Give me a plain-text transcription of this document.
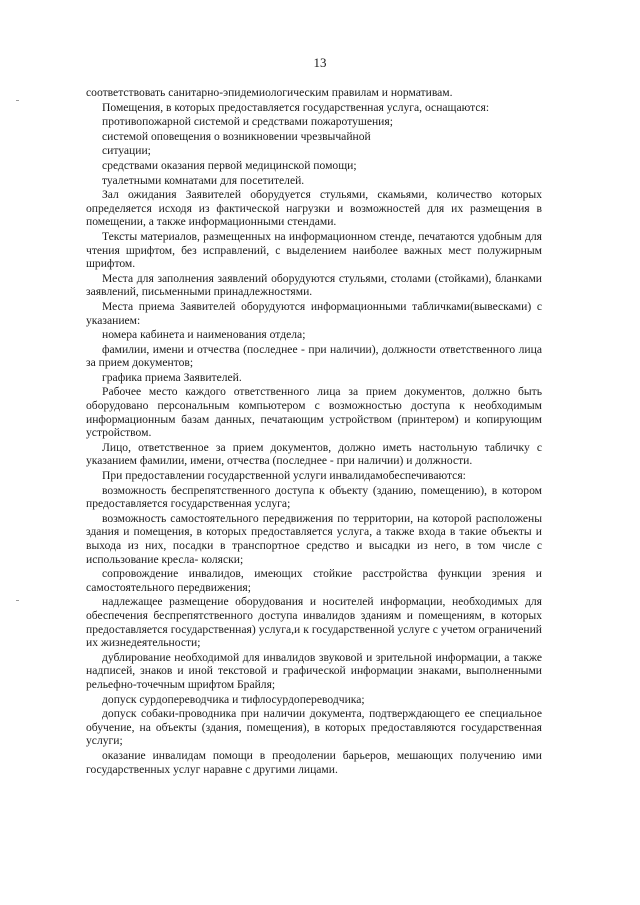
13

соответствовать санитарно-эпидемиологическим правилам и нормативам.

Помещения, в которых предоставляется государственная услуга, оснащаются:

противопожарной системой и средствами пожаротушения;

системой оповещения о возникновении чрезвычайной

ситуации;

средствами оказания первой медицинской помощи;

туалетными комнатами для посетителей.

Зал ожидания Заявителей оборудуется стульями, скамьями, количество которых определяется исходя из фактической нагрузки и возможностей для их размещения в помещении, а также информационными стендами.

Тексты материалов, размещенных на информационном стенде, печатаются удобным для чтения шрифтом, без исправлений, с выделением наиболее важных мест полужирным шрифтом.

Места для заполнения заявлений оборудуются стульями, столами (стойками), бланками заявлений, письменными принадлежностями.

Места приема Заявителей оборудуются информационными табличками(вывесками) с указанием:

номера кабинета и наименования отдела;

фамилии, имени и отчества (последнее - при наличии), должности ответственного лица за прием документов;

графика приема Заявителей.

Рабочее место каждого ответственного лица за прием документов, должно быть оборудовано персональным компьютером с возможностью доступа к необходимым информационным базам данных, печатающим устройством (принтером) и копирующим устройством.

Лицо, ответственное за прием документов, должно иметь настольную табличку с указанием фамилии, имени, отчества (последнее - при наличии) и должности.

При предоставлении государственной услуги инвалидамобеспечиваются:

возможность беспрепятственного доступа к объекту (зданию, помещению), в котором предоставляется государственная услуга;

возможность самостоятельного передвижения по территории, на которой расположены здания и помещения, в которых предоставляется услуга, а также входа в такие объекты и выхода из них, посадки в транспортное средство и высадки из него, в том числе с использование кресла- коляски;

сопровождение инвалидов, имеющих стойкие расстройства функции зрения и самостоятельного передвижения;

надлежащее размещение оборудования и носителей информации, необходимых для обеспечения беспрепятственного доступа инвалидов зданиям и помещениям, в которых предоставляется государственная) услуга,и к государственной услуге с учетом ограничений их жизнедеятельности;

дублирование необходимой для инвалидов звуковой и зрительной информации, а также надписей, знаков и иной текстовой и графической информации знаками, выполненными рельефно-точечным шрифтом Брайля;

допуск сурдопереводчика и тифлосурдопереводчика;

допуск собаки-проводника при наличии документа, подтверждающего ее специальное обучение, на объекты (здания, помещения), в которых предоставляются государственная услуги;

оказание инвалидам помощи в преодолении барьеров, мешающих получению ими государственных услуг наравне с другими лицами.
